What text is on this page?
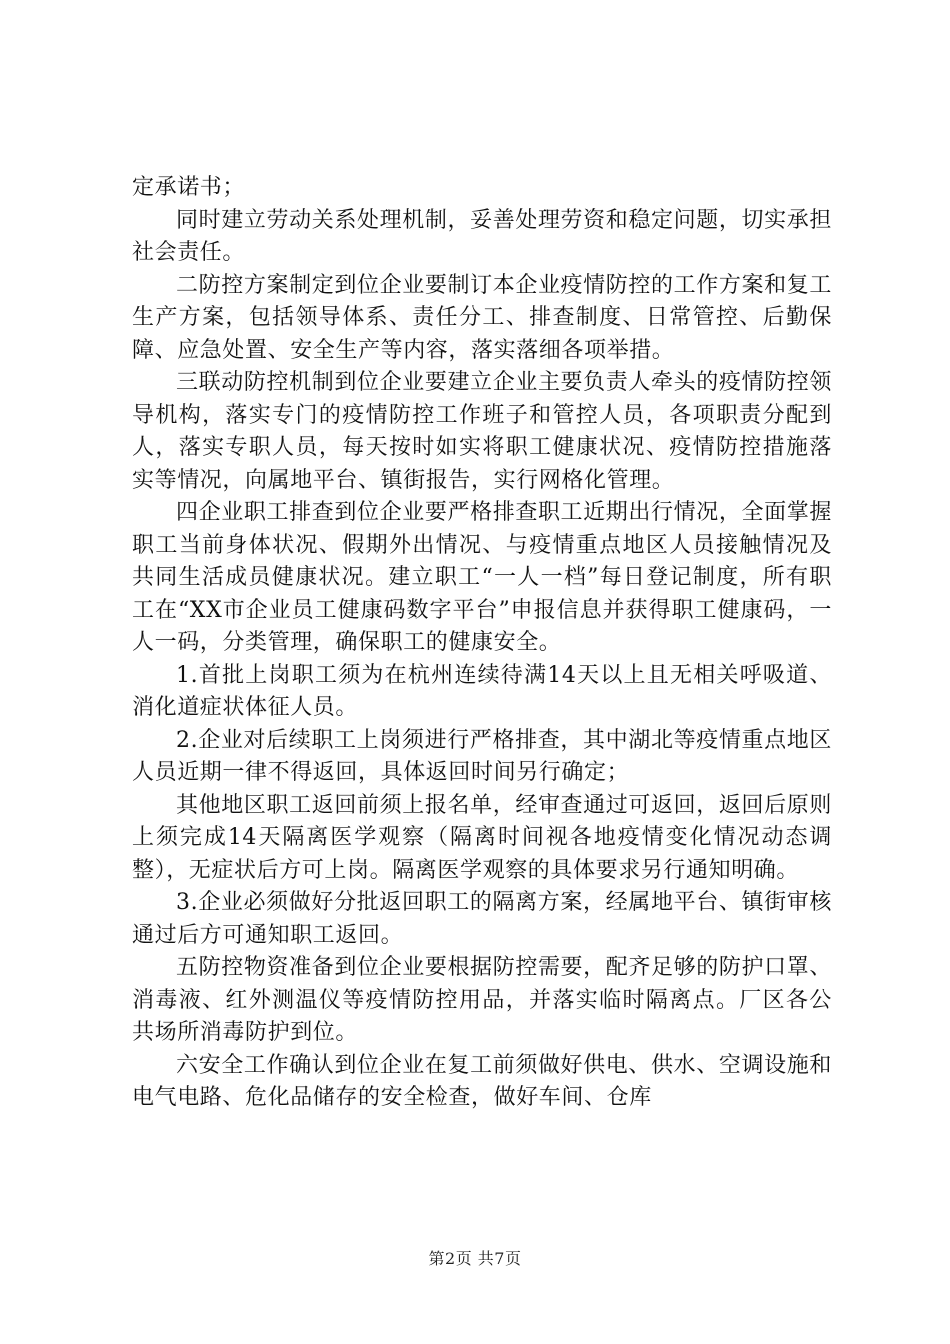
定承诺书；

同时建立劳动关系处理机制，妥善处理劳资和稳定问题，切实承担社会责任。

二防控方案制定到位企业要制订本企业疫情防控的工作方案和复工生产方案，包括领导体系、责任分工、排查制度、日常管控、后勤保障、应急处置、安全生产等内容，落实落细各项举措。

三联动防控机制到位企业要建立企业主要负责人牵头的疫情防控领导机构，落实专门的疫情防控工作班子和管控人员，各项职责分配到人，落实专职人员，每天按时如实将职工健康状况、疫情防控措施落实等情况，向属地平台、镇街报告，实行网格化管理。

四企业职工排查到位企业要严格排查职工近期出行情况，全面掌握职工当前身体状况、假期外出情况、与疫情重点地区人员接触情况及共同生活成员健康状况。建立职工“一人一档”每日登记制度，所有职工在“XX市企业员工健康码数字平台”申报信息并获得职工健康码，一人一码，分类管理，确保职工的健康安全。

1.首批上岗职工须为在杭州连续待满14天以上且无相关呼吸道、消化道症状体征人员。

2.企业对后续职工上岗须进行严格排查，其中湖北等疫情重点地区人员近期一律不得返回，具体返回时间另行确定；

其他地区职工返回前须上报名单，经审查通过可返回，返回后原则上须完成14天隔离医学观察（隔离时间视各地疫情变化情况动态调整），无症状后方可上岗。隔离医学观察的具体要求另行通知明确。

3.企业必须做好分批返回职工的隔离方案，经属地平台、镇街审核通过后方可通知职工返回。

五防控物资准备到位企业要根据防控需要，配齐足够的防护口罩、消毒液、红外测温仪等疫情防控用品，并落实临时隔离点。厂区各公共场所消毒防护到位。

六安全工作确认到位企业在复工前须做好供电、供水、空调设施和电气电路、危化品储存的安全检查，做好车间、仓库

第2页 共7页
